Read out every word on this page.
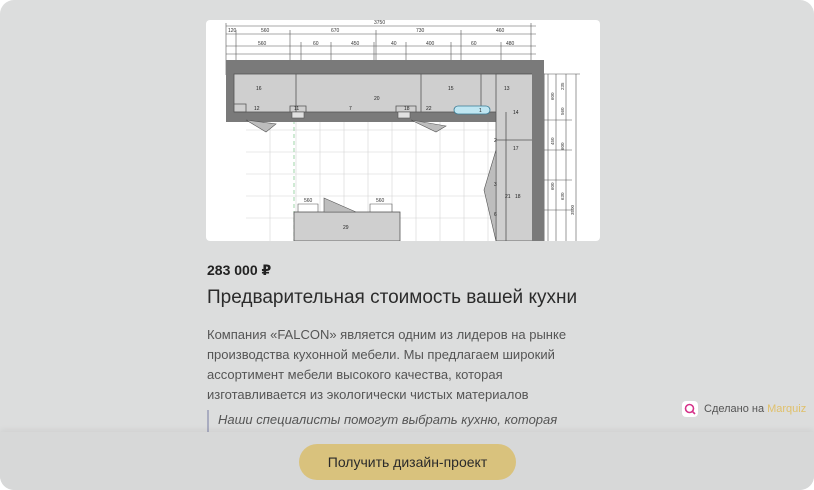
3750
120	560	670	730	460
560	60	450	40	400	60	480
16
20
15	13
12	11	7	18	22	1	14
2
17
3
21 18
6
600
235
560
450
600
600
630
3500
560	560
29
283 000 ₽
Предварительная стоимость вашей кухни
Компания «FALCON» является одним из лидеров на рынке производства кухонной мебели. Мы предлагаем широкий ассортимент мебели высокого качества, которая изготавливается из экологически чистых материалов
Наши специалисты помогут выбрать кухню, которая
Сделано на Marquiz
Получить дизайн-проект
